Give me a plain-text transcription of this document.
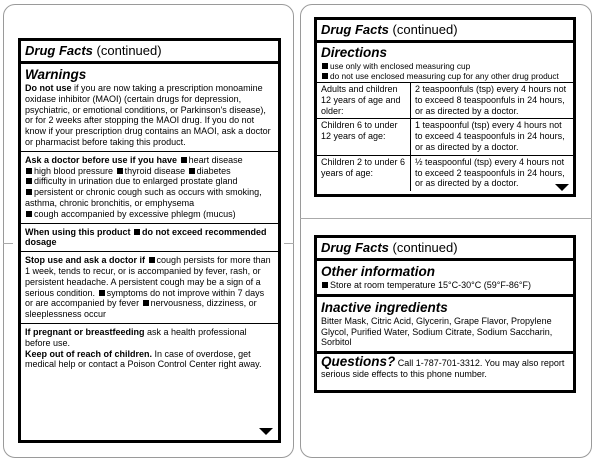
Drug Facts (continued)
Warnings
Do not use if you are now taking a prescription monoamine oxidase inhibitor (MAOI) (certain drugs for depression, psychiatric, or emotional conditions, or Parkinson's disease), or for 2 weeks after stopping the MAOI drug. If you do not know if your prescription drug contains an MAOI, ask a doctor or pharmacist before taking this product.
Ask a doctor before use if you have heart disease
high blood pressure thyroid disease diabetes
difficulty in urination due to enlarged prostate gland
persistent or chronic cough such as occurs with smoking, asthma, chronic bronchitis, or emphysema
cough accompanied by excessive phlegm (mucus)
When using this product do not exceed recommended dosage
Stop use and ask a doctor if cough persists for more than 1 week, tends to recur, or is accompanied by fever, rash, or persistent headache. A persistent cough may be a sign of a serious condition. symptoms do not improve within 7 days or are accompanied by fever nervousness, dizziness, or sleeplessness occur
If pregnant or breastfeeding ask a health professional before use.
Keep out of reach of children. In case of overdose, get medical help or contact a Poison Control Center right away.
Drug Facts (continued)
Directions
use only with enclosed measuring cup
do not use enclosed measuring cup for any other drug product
Adults and children 12 years of age and older:	2 teaspoonfuls (tsp) every 4 hours not to exceed 8 teaspoonfuls in 24 hours, or as directed by a doctor.
Children 6 to under 12 years of age:	1 teaspoonful (tsp) every 4 hours not to exceed 4 teaspoonfuls in 24 hours, or as directed by a doctor.
Children 2 to under 6 years of age:	½ teaspoonful (tsp) every 4 hours not to exceed 2 teaspoonfuls in 24 hours, or as directed by a doctor.
Drug Facts (continued)
Other information
Store at room temperature 15°C-30°C (59°F-86°F)
Inactive ingredients
Bitter Mask, Citric Acid, Glycerin, Grape Flavor, Propylene Glycol, Purified Water, Sodium Citrate, Sodium Saccharin, Sorbitol
Questions? Call 1-787-701-3312. You may also report serious side effects to this phone number.
